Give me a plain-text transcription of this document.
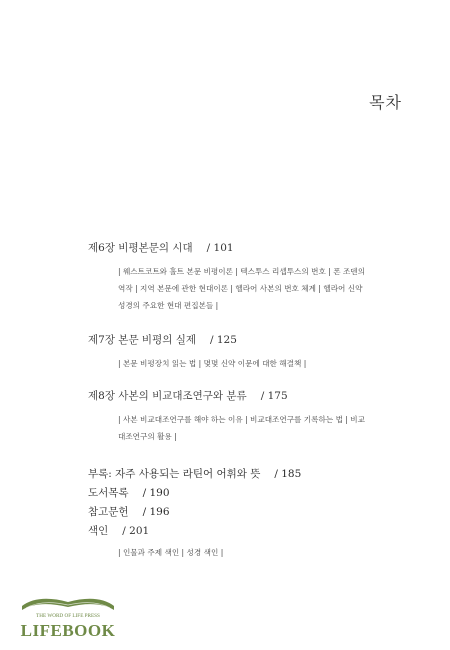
목차
제6장 비평본문의 시대 / 101
| 웨스트코트와 홀트 본문 비평이론 | 텍스투스 리셉투스의 번호 | 폰 조덴의 역작 | 지역 본문에 관한 현대이론 | 헬라어 사본의 번호 체계 | 헬라어 신약성경의 주요한 현대 편집본들 |
제7장 본문 비평의 실제 / 125
| 본문 비평장치 읽는 법 | 몇몇 신약 이문에 대한 해결책 |
제8장 사본의 비교대조연구와 분류 / 175
| 사본 비교대조연구를 해야 하는 이유 | 비교대조연구를 기록하는 법 | 비교대조연구의 활용 |
부록: 자주 사용되는 라틴어 어휘와 뜻 / 185
도서목록 / 190
참고문헌 / 196
색인 / 201
| 인물과 주제 색인 | 성경 색인 |
THE WORD OF LIFE PRESS
LIFEBOOK
